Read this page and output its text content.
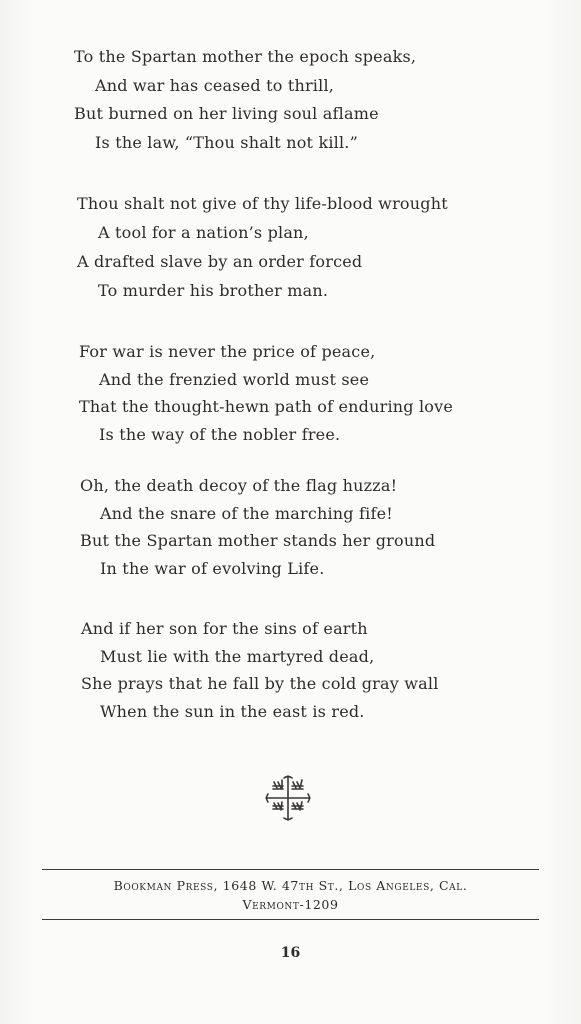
To the Spartan mother the epoch speaks,
And war has ceased to thrill,
But burned on her living soul aflame
Is the law, “Thou shalt not kill.”
Thou shalt not give of thy life-blood wrought
A tool for a nation’s plan,
A drafted slave by an order forced
To murder his brother man.
For war is never the price of peace,
And the frenzied world must see
That the thought-hewn path of enduring love
Is the way of the nobler free.
Oh, the death decoy of the flag huzza!
And the snare of the marching fife!
But the Spartan mother stands her ground
In the war of evolving Life.
And if her son for the sins of earth
Must lie with the martyred dead,
She prays that he fall by the cold gray wall
When the sun in the east is red.
Bookman Press, 1648 W. 47th St., Los Angeles, Cal.
Vermont-1209
16
